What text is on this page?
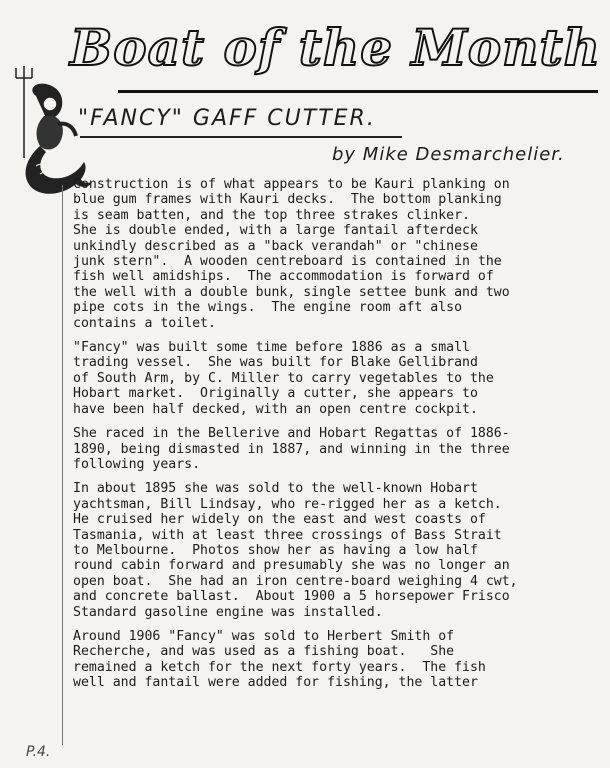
Boat of the Month
"FANCY" GAFF CUTTER.
by Mike Desmarchelier.

Construction is of what appears to be Kauri planking on
blue gum frames with Kauri decks.  The bottom planking
is seam batten, and the top three strakes clinker.
She is double ended, with a large fantail afterdeck
unkindly described as a "back verandah" or "chinese
junk stern".  A wooden centreboard is contained in the
fish well amidships.  The accommodation is forward of
the well with a double bunk, single settee bunk and two
pipe cots in the wings.  The engine room aft also
contains a toilet.

"Fancy" was built some time before 1886 as a small
trading vessel.  She was built for Blake Gellibrand
of South Arm, by C. Miller to carry vegetables to the
Hobart market.  Originally a cutter, she appears to
have been half decked, with an open centre cockpit.

She raced in the Bellerive and Hobart Regattas of 1886-
1890, being dismasted in 1887, and winning in the three
following years.

In about 1895 she was sold to the well-known Hobart
yachtsman, Bill Lindsay, who re-rigged her as a ketch.
He cruised her widely on the east and west coasts of
Tasmania, with at least three crossings of Bass Strait
to Melbourne.  Photos show her as having a low half
round cabin forward and presumably she was no longer an
open boat.  She had an iron centre-board weighing 4 cwt,
and concrete ballast.  About 1900 a 5 horsepower Frisco
Standard gasoline engine was installed.

Around 1906 "Fancy" was sold to Herbert Smith of
Recherche, and was used as a fishing boat.   She
remained a ketch for the next forty years.  The fish
well and fantail were added for fishing, the latter

P.4.
